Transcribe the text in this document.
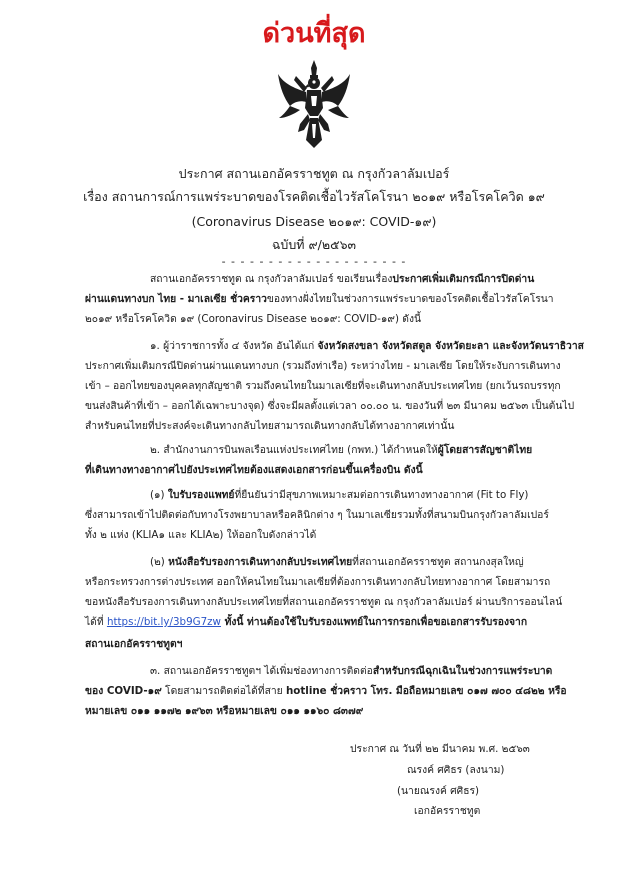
ด่วนที่สุด
ประกาศ สถานเอกอัครราชทูต ณ กรุงกัวลาลัมเปอร์
เรื่อง สถานการณ์การแพร่ระบาดของโรคติดเชื้อไวรัสโคโรนา ๒๐๑๙ หรือโรคโควิด ๑๙
(Coronavirus Disease ๒๐๑๙: COVID-๑๙)
ฉบับที่ ๙/๒๕๖๓
- - - - - - - - - - - - - - - - - - - -
สถานเอกอัครราชทูต ณ กรุงกัวลาลัมเปอร์ ขอเรียนเรื่องประกาศเพิ่มเติมกรณีการปิดด่าน
ผ่านแดนทางบก ไทย - มาเลเซีย ชั่วคราวของทางฝั่งไทยในช่วงการแพร่ระบาดของโรคติดเชื้อไวรัสโคโรนา
๒๐๑๙ หรือโรคโควิด ๑๙ (Coronavirus Disease ๒๐๑๙: COVID-๑๙) ดังนี้
๑. ผู้ว่าราชการทั้ง ๔ จังหวัด อันได้แก่ จังหวัดสงขลา จังหวัดสตูล จังหวัดยะลา และจังหวัดนราธิวาส
ประกาศเพิ่มเติมกรณีปิดด่านผ่านแดนทางบก (รวมถึงท่าเรือ) ระหว่างไทย - มาเลเซีย โดยให้ระงับการเดินทาง
เข้า – ออกไทยของบุคคลทุกสัญชาติ รวมถึงคนไทยในมาเลเซียที่จะเดินทางกลับประเทศไทย (ยกเว้นรถบรรทุก
ขนส่งสินค้าที่เข้า – ออกได้เฉพาะบางจุด) ซึ่งจะมีผลตั้งแต่เวลา ๐๐.๐๐ น. ของวันที่ ๒๓ มีนาคม ๒๕๖๓ เป็นต้นไป
สำหรับคนไทยที่ประสงค์จะเดินทางกลับไทยสามารถเดินทางกลับได้ทางอากาศเท่านั้น
๒. สำนักงานการบินพลเรือนแห่งประเทศไทย (กพท.) ได้กำหนดให้ผู้โดยสารสัญชาติไทย
ที่เดินทางทางอากาศไปยังประเทศไทยต้องแสดงเอกสารก่อนขึ้นเครื่องบิน ดังนี้
(๑) ใบรับรองแพทย์ที่ยืนยันว่ามีสุขภาพเหมาะสมต่อการเดินทางทางอากาศ (Fit to Fly)
ซึ่งสามารถเข้าไปติดต่อกับทางโรงพยาบาลหรือคลินิกต่าง ๆ ในมาเลเซียรวมทั้งที่สนามบินกรุงกัวลาลัมเปอร์
ทั้ง ๒ แห่ง (KLIA๑ และ KLIA๒) ให้ออกใบดังกล่าวได้
(๒) หนังสือรับรองการเดินทางกลับประเทศไทยที่สถานเอกอัครราชทูต สถานกงสุลใหญ่
หรือกระทรวงการต่างประเทศ ออกให้คนไทยในมาเลเซียที่ต้องการเดินทางกลับไทยทางอากาศ โดยสามารถ
ขอหนังสือรับรองการเดินทางกลับประเทศไทยที่สถานเอกอัครราชทูต ณ กรุงกัวลาลัมเปอร์ ผ่านบริการออนไลน์
ได้ที่ https://bit.ly/3b9G7zw ทั้งนี้ ท่านต้องใช้ใบรับรองแพทย์ในการกรอกเพื่อขอเอกสารรับรองจาก
สถานเอกอัครราชทูตฯ
๓. สถานเอกอัครราชทูตฯ ได้เพิ่มช่องทางการติดต่อสำหรับกรณีฉุกเฉินในช่วงการแพร่ระบาด
ของ COVID-๑๙ โดยสามารถติดต่อได้ที่สาย hotline ชั่วคราว โทร. มือถือหมายเลข ๐๑๗ ๗๐๐ ๔๘๒๒ หรือ
หมายเลข ๐๑๑ ๑๑๗๒ ๑๙๖๓ หรือหมายเลข ๐๑๑ ๑๑๖๐ ๘๓๗๙
ประกาศ ณ วันที่ ๒๒ มีนาคม พ.ศ. ๒๕๖๓
ณรงค์ ศศิธร (ลงนาม)
(นายณรงค์ ศศิธร)
เอกอัครราชทูต
